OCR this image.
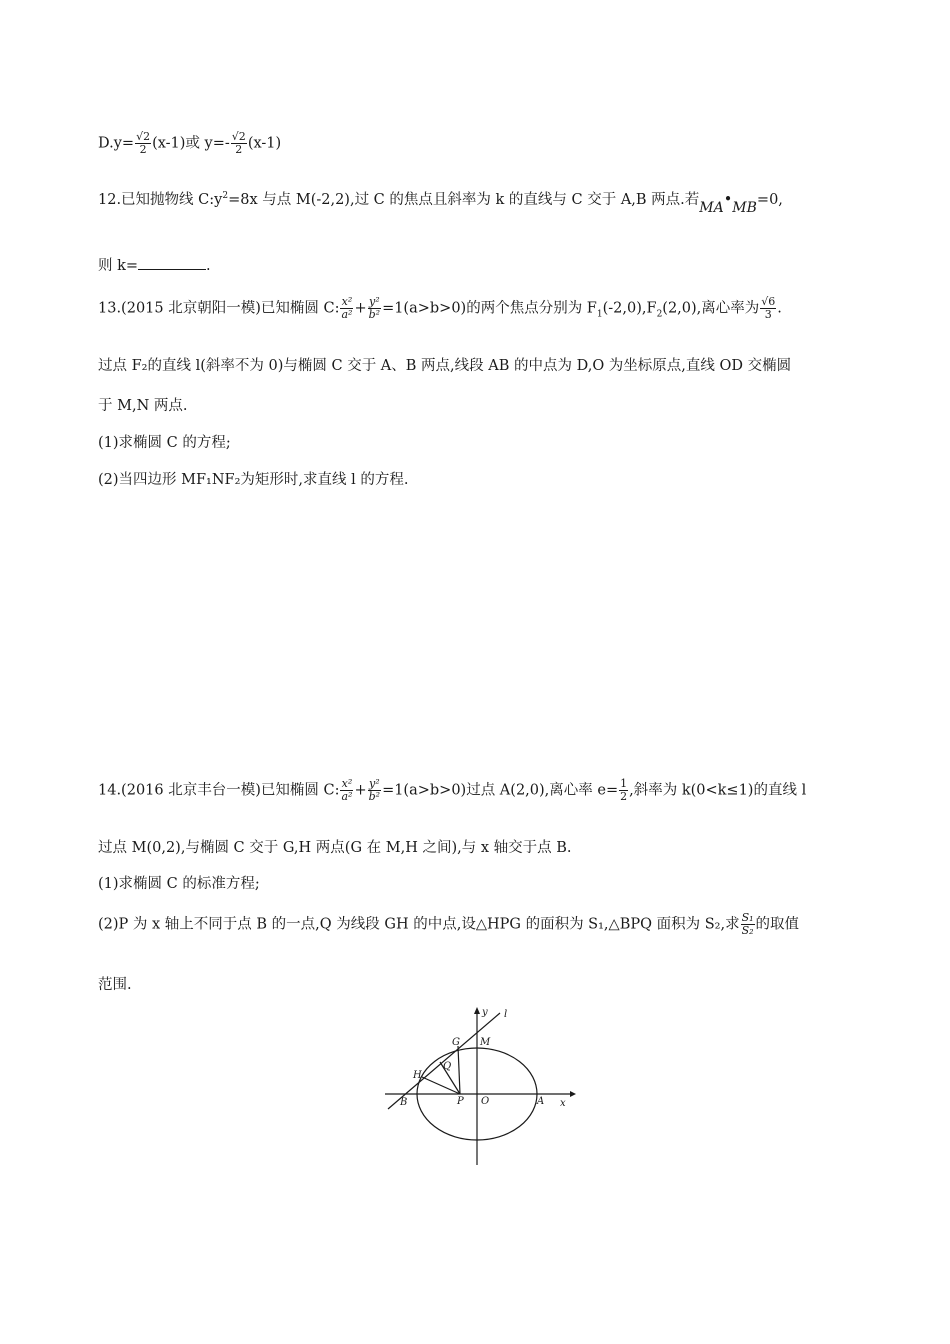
$D.y= \frac{√2}{2} (x-1)$或 $y=- \frac{√2}{2} (x-1)$
12.已知抛物线 $C:y^2=8x$ 与点 M(-2,2),过 C 的焦点且斜率为 k 的直线与 C 交于 A,B 两点.若MA•MB=0,
则 k=	.
13.(2015 北京朝阳一模)已知椭圆 C: $\frac{\text{x²}}{\text{a²}} + \frac{\text{y²}}{\text{b²}} =1(a>b>0)$的两个焦点分别为 $F_1(-2,0),F_2(2,0)$,离心率为 $\frac{√6}{3}$ .
过点 F₂的直线 l(斜率不为 0)与椭圆 C 交于 A、B 两点,线段 AB 的中点为 D,O 为坐标原点,直线 OD 交椭圆
于 M,N 两点.
(1)求椭圆 C 的方程;
(2)当四边形 MF₁NF₂为矩形时,求直线 l 的方程.
14.(2016 北京丰台一模)已知椭圆 C: $\frac{\text{x²}}{\text{a²}} + \frac{\text{y²}}{\text{b²}} =1(a>b>0)$过点 A(2,0),离心率 $e= \frac{1}{2}$ ,斜率为 k(0<k≤1)的直线 l
过点 M(0,2),与椭圆 C 交于 G,H 两点(G 在 M,H 之间),与 x 轴交于点 B.
(1)求椭圆 C 的标准方程;
(2)P 为 x 轴上不同于点 B 的一点,Q 为线段 GH 的中点,设△HPG 的面积为 S₁,△BPQ 面积为 S₂,求 $\frac{\text{S₁}}{\text{S₂}}$ 的取值
范围.
y l
M
G
Q
H
B	P O	A x
